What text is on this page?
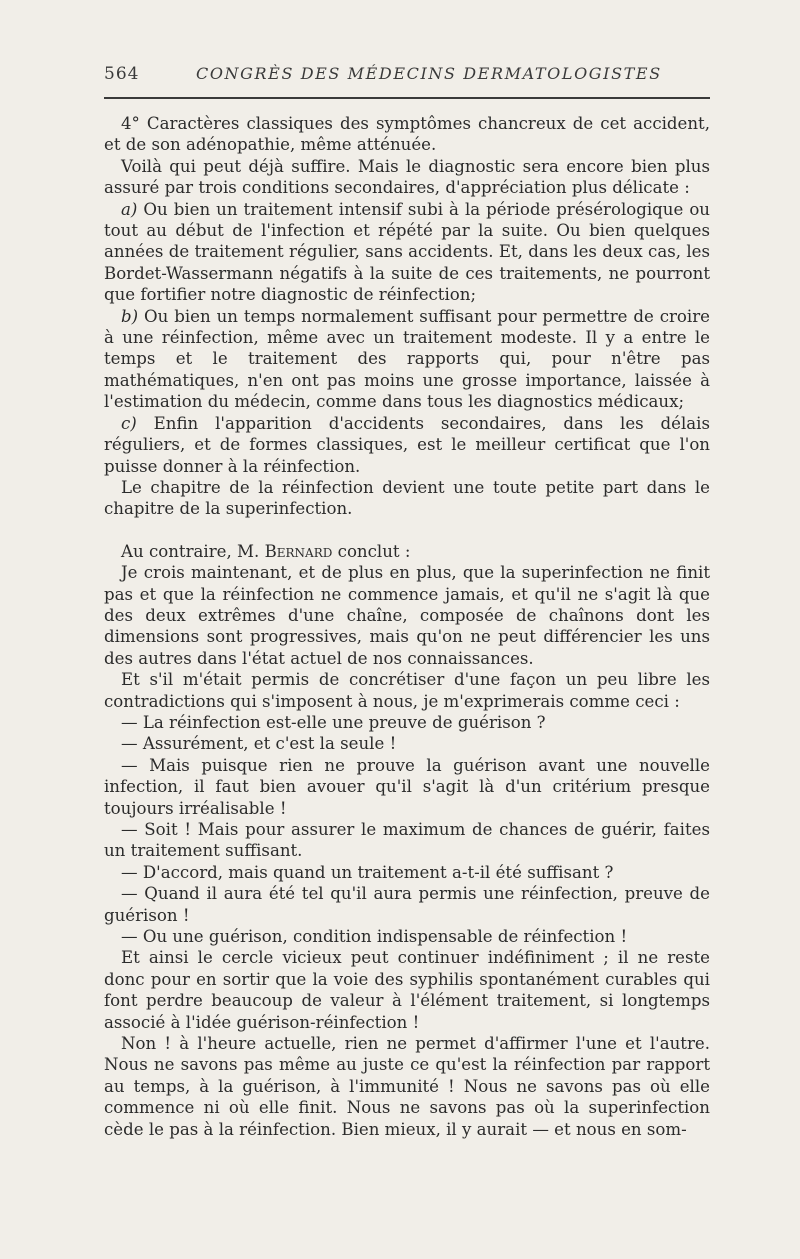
564	CONGRÈS DES MÉDECINS DERMATOLOGISTES

4° Caractères classiques des symptômes chancreux de cet accident, et de son adénopathie, même atténuée.

Voilà qui peut déjà suffire. Mais le diagnostic sera encore bien plus assuré par trois conditions secondaires, d'appréciation plus délicate :

a) Ou bien un traitement intensif subi à la période présérologique ou tout au début de l'infection et répété par la suite. Ou bien quelques années de traitement régulier, sans accidents. Et, dans les deux cas, les Bordet-Wassermann négatifs à la suite de ces traitements, ne pourront que fortifier notre diagnostic de réinfection;

b) Ou bien un temps normalement suffisant pour permettre de croire à une réinfection, même avec un traitement modeste. Il y a entre le temps et le traitement des rapports qui, pour n'être pas mathématiques, n'en ont pas moins une grosse importance, laissée à l'estimation du médecin, comme dans tous les diagnostics médicaux;

c) Enfin l'apparition d'accidents secondaires, dans les délais réguliers, et de formes classiques, est le meilleur certificat que l'on puisse donner à la réinfection.

Le chapitre de la réinfection devient une toute petite part dans le chapitre de la superinfection.

Au contraire, M. Bernard conclut :

Je crois maintenant, et de plus en plus, que la superinfection ne finit pas et que la réinfection ne commence jamais, et qu'il ne s'agit là que des deux extrêmes d'une chaîne, composée de chaînons dont les dimensions sont progressives, mais qu'on ne peut différencier les uns des autres dans l'état actuel de nos connaissances.

Et s'il m'était permis de concrétiser d'une façon un peu libre les contradictions qui s'imposent à nous, je m'exprimerais comme ceci :

— La réinfection est-elle une preuve de guérison ?

— Assurément, et c'est la seule !

— Mais puisque rien ne prouve la guérison avant une nouvelle infection, il faut bien avouer qu'il s'agit là d'un critérium presque toujours irréalisable !

— Soit ! Mais pour assurer le maximum de chances de guérir, faites un traitement suffisant.

— D'accord, mais quand un traitement a-t-il été suffisant ?

— Quand il aura été tel qu'il aura permis une réinfection, preuve de guérison !

— Ou une guérison, condition indispensable de réinfection !

Et ainsi le cercle vicieux peut continuer indéfiniment ; il ne reste donc pour en sortir que la voie des syphilis spontanément curables qui font perdre beaucoup de valeur à l'élément traitement, si longtemps associé à l'idée guérison-réinfection !

Non ! à l'heure actuelle, rien ne permet d'affirmer l'une et l'autre. Nous ne savons pas même au juste ce qu'est la réinfection par rapport au temps, à la guérison, à l'immunité ! Nous ne savons pas où elle commence ni où elle finit. Nous ne savons pas où la superinfection cède le pas à la réinfection. Bien mieux, il y aurait — et nous en som-
